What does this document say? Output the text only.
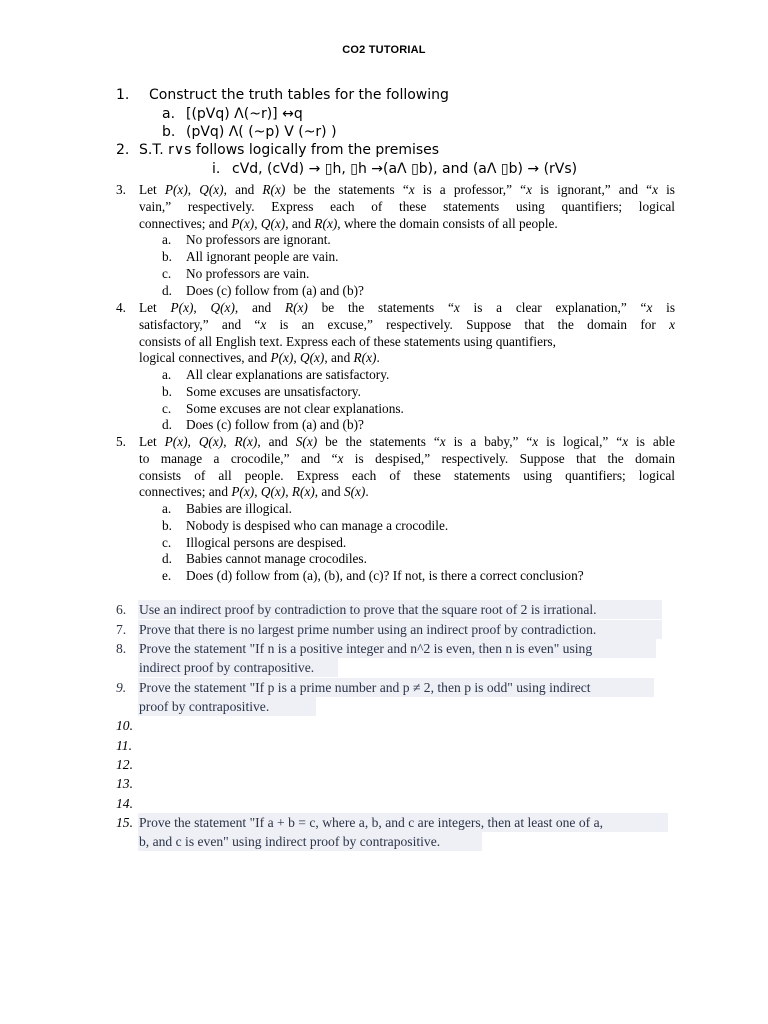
CO2 TUTORIAL
1. Construct the truth tables for the following
a. [(pVq) Λ(~r)] ↔q
b. (pVq) Λ( (~p) V (~r) )
2. S.T. r∨s follows logically from the premises
i. cVd, (cVd) → ▯h, ▯h →(aΛ ▯b), and (aΛ ▯b) → (rVs)
3. Let P(x), Q(x), and R(x) be the statements “x is a professor,” “x is ignorant,” and “x is
vain,” respectively. Express each of these statements using quantifiers; logical
connectives; and P(x), Q(x), and R(x), where the domain consists of all people.
a. No professors are ignorant.
b. All ignorant people are vain.
c. No professors are vain.
d. Does (c) follow from (a) and (b)?
4. Let P(x), Q(x), and R(x) be the statements “x is a clear explanation,” “x is
satisfactory,” and “x is an excuse,” respectively. Suppose that the domain for x
consists of all English text. Express each of these statements using quantifiers,
logical connectives, and P(x), Q(x), and R(x).
a. All clear explanations are satisfactory.
b. Some excuses are unsatisfactory.
c. Some excuses are not clear explanations.
d. Does (c) follow from (a) and (b)?
5. Let P(x), Q(x), R(x), and S(x) be the statements “x is a baby,” “x is logical,” “x is able
to manage a crocodile,” and “x is despised,” respectively. Suppose that the domain
consists of all people. Express each of these statements using quantifiers; logical
connectives; and P(x), Q(x), R(x), and S(x).
a. Babies are illogical.
b. Nobody is despised who can manage a crocodile.
c. Illogical persons are despised.
d. Babies cannot manage crocodiles.
e. Does (d) follow from (a), (b), and (c)? If not, is there a correct conclusion?
6. Use an indirect proof by contradiction to prove that the square root of 2 is irrational.
7. Prove that there is no largest prime number using an indirect proof by contradiction.
8. Prove the statement "If n is a positive integer and n^2 is even, then n is even" using
indirect proof by contrapositive.
9. Prove the statement "If p is a prime number and p ≠ 2, then p is odd" using indirect
proof by contrapositive.
10.
11.
12.
13.
14.
15. Prove the statement "If a + b = c, where a, b, and c are integers, then at least one of a,
b, and c is even" using indirect proof by contrapositive.
